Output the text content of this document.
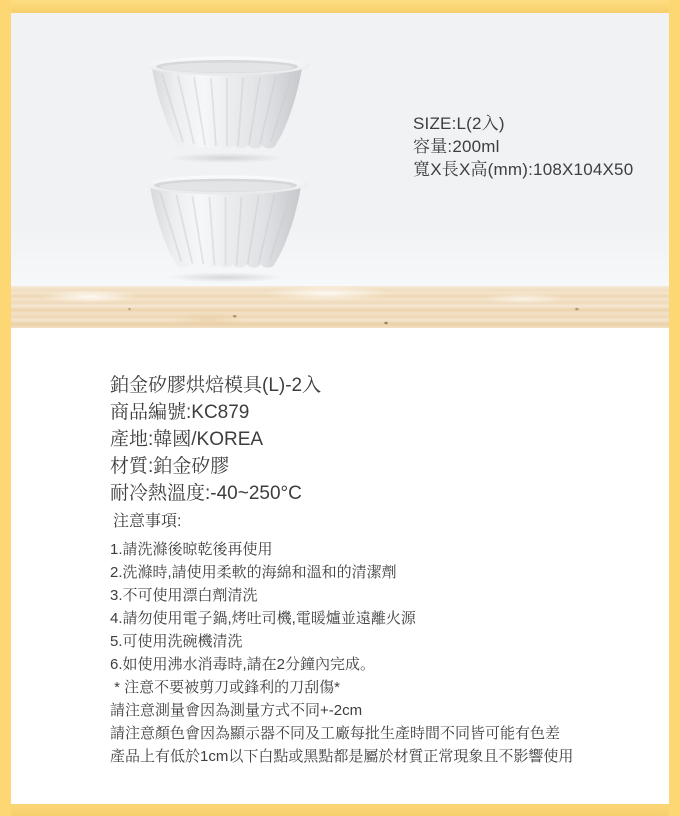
SIZE:L(2入)
容量:200ml
寬X長X高(mm):108X104X50
鉑金矽膠烘焙模具(L)-2入
商品編號:KC879
產地:韓國/KOREA
材質:鉑金矽膠
耐冷熱溫度:-40~250°C
注意事項:
1.請洗滌後晾乾後再使用
2.洗滌時,請使用柔軟的海綿和溫和的清潔劑
3.不可使用漂白劑清洗
4.請勿使用電子鍋,烤吐司機,電暖爐並遠離火源
5.可使用洗碗機清洗
6.如使用沸水消毒時,請在2分鐘內完成。
* 注意不要被剪刀或鋒利的刀刮傷*
請注意測量會因為測量方式不同+-2cm
請注意顏色會因為顯示器不同及工廠每批生產時間不同皆可能有色差
產品上有低於1cm以下白點或黑點都是屬於材質正常現象且不影響使用
